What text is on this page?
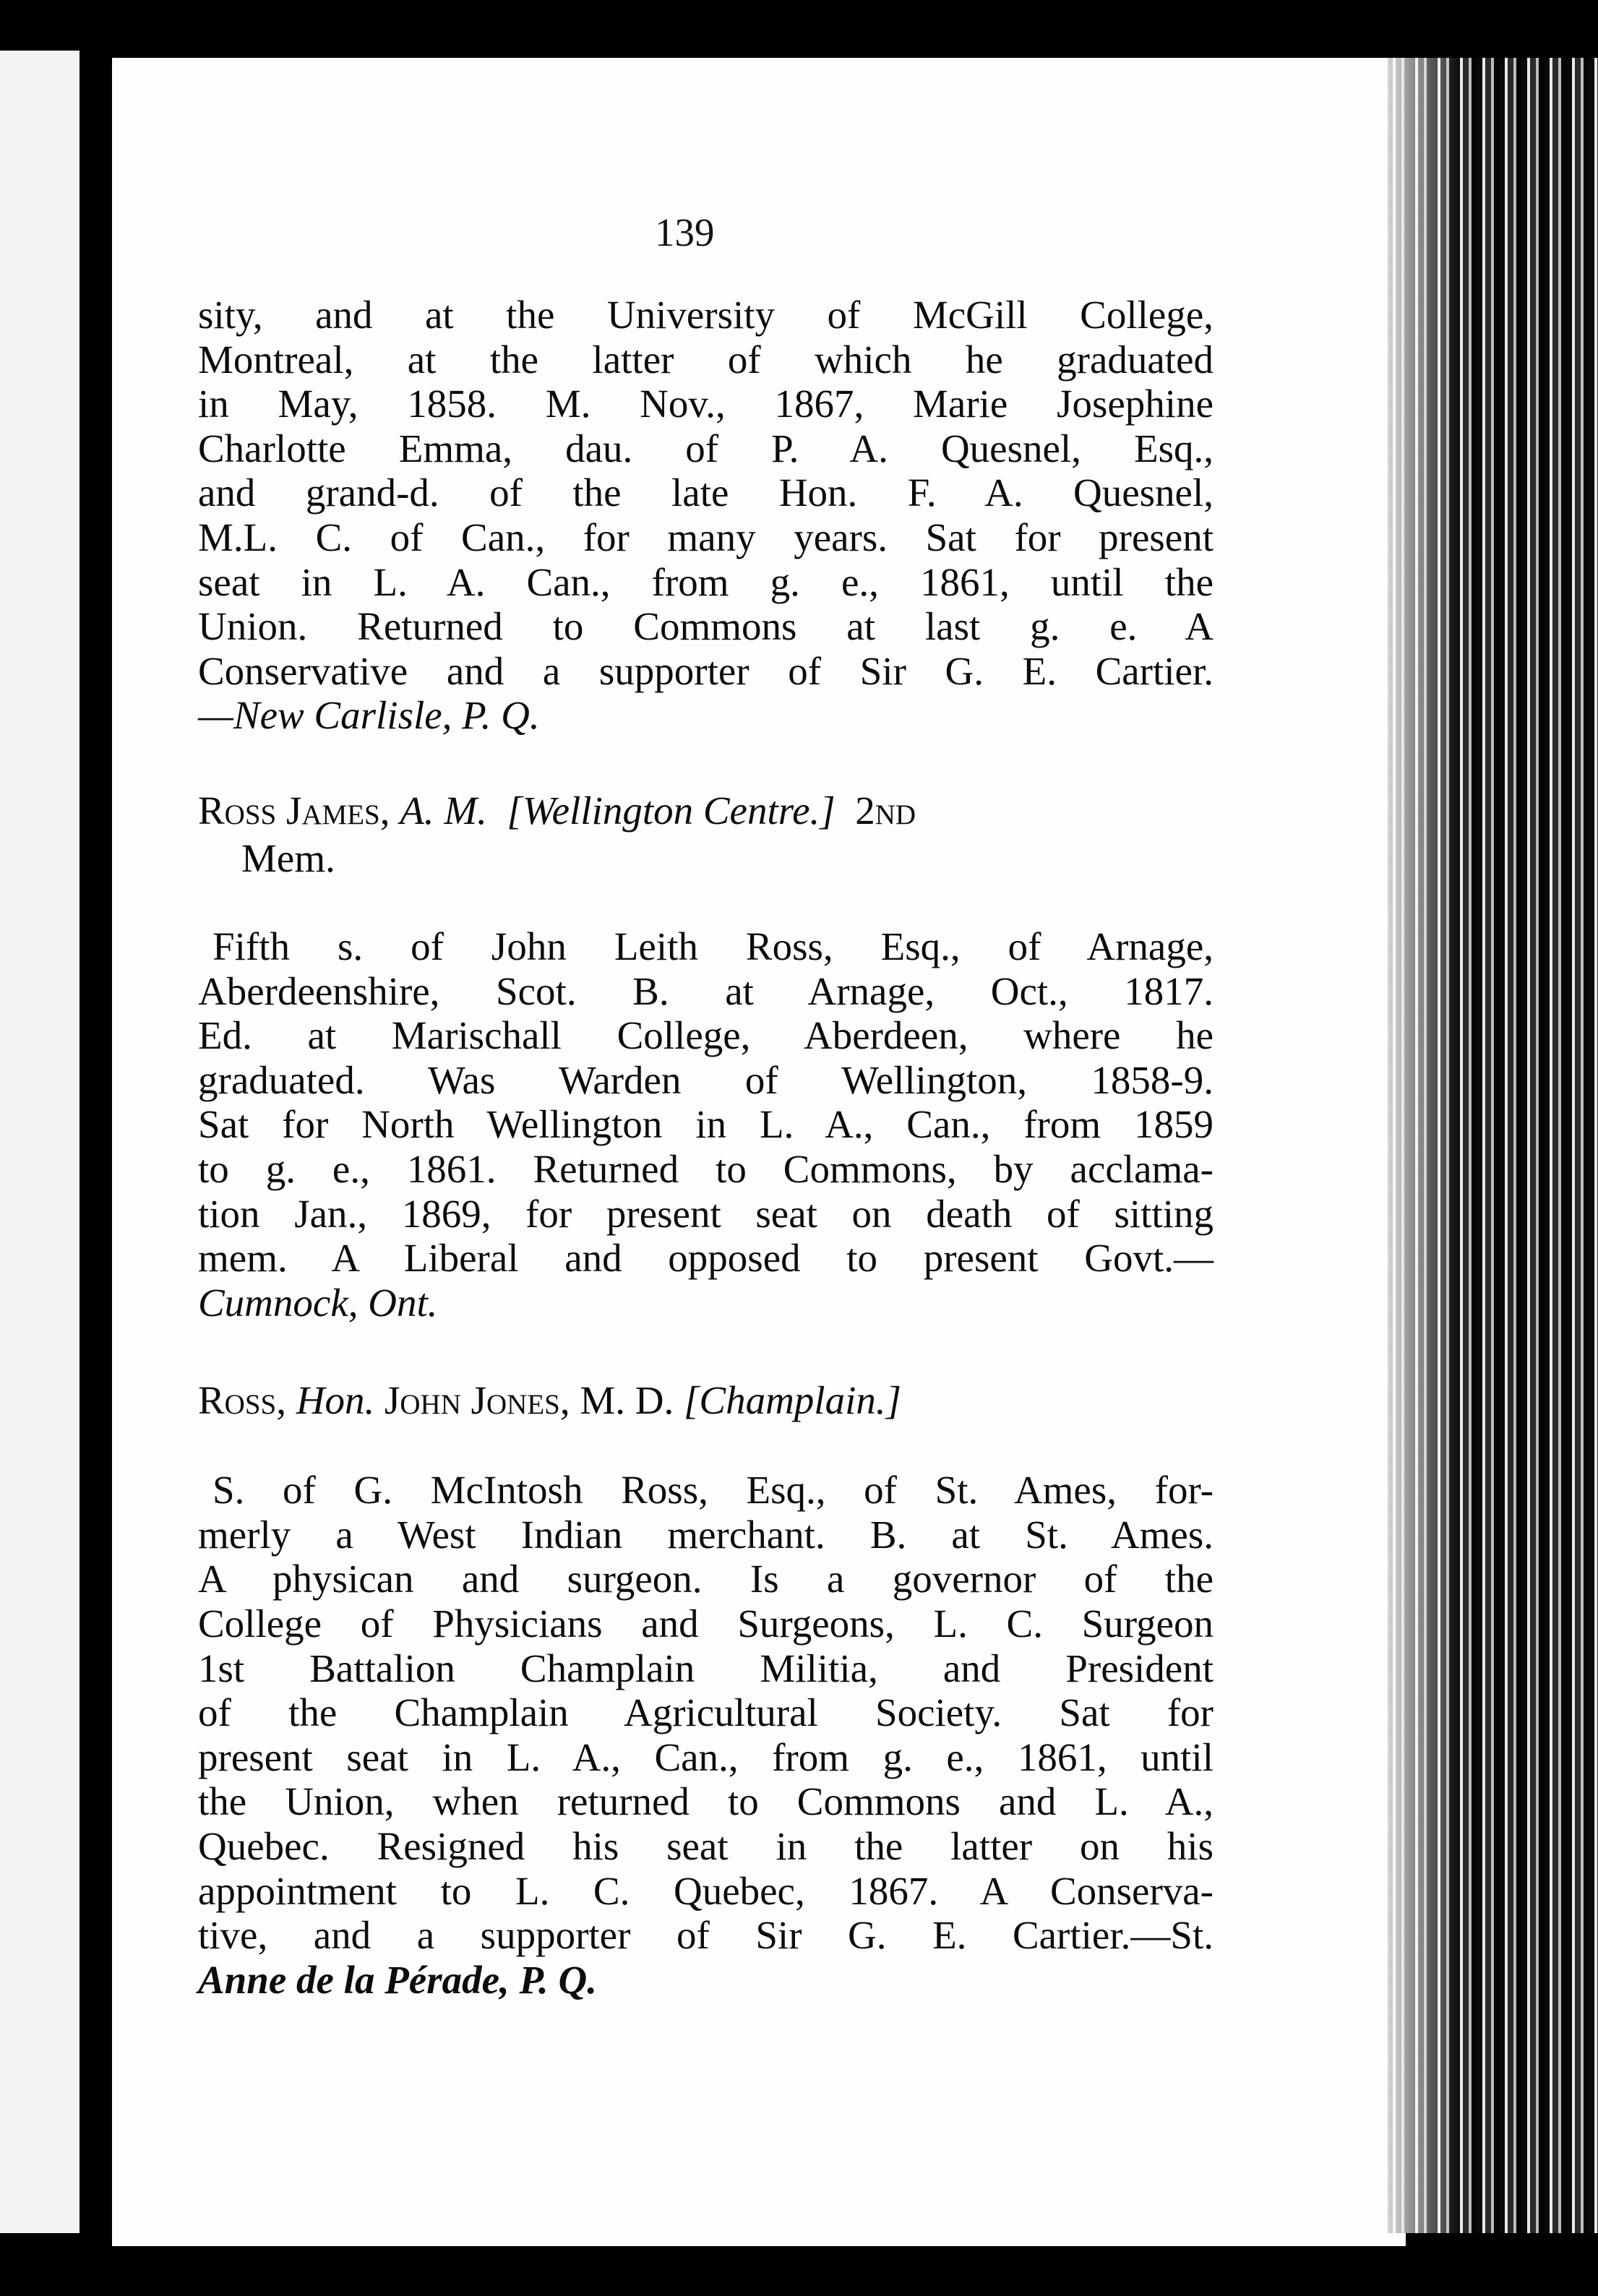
139
sity, and at the University of McGill College,
Montreal, at the latter of which he graduated
in May, 1858. M. Nov., 1867, Marie Josephine
Charlotte Emma, dau. of P. A. Quesnel, Esq.,
and grand-d. of the late Hon. F. A. Quesnel,
M.L. C. of Can., for many years. Sat for present
seat in L. A. Can., from g. e., 1861, until the
Union. Returned to Commons at last g. e. A
Conservative and a supporter of Sir G. E. Cartier.
—New Carlisle, P. Q.
Ross James, A. M. [Wellington Centre.] 2nd
Mem.
Fifth s. of John Leith Ross, Esq., of Arnage,
Aberdeenshire, Scot. B. at Arnage, Oct., 1817.
Ed. at Marischall College, Aberdeen, where he
graduated. Was Warden of Wellington, 1858-9.
Sat for North Wellington in L. A., Can., from 1859
to g. e., 1861. Returned to Commons, by acclama-
tion Jan., 1869, for present seat on death of sitting
mem. A Liberal and opposed to present Govt.—
Cumnock, Ont.
Ross, Hon. John Jones, M. D. [Champlain.]
S. of G. McIntosh Ross, Esq., of St. Ames, for-
merly a West Indian merchant. B. at St. Ames.
A physican and surgeon. Is a governor of the
College of Physicians and Surgeons, L. C. Surgeon
1st Battalion Champlain Militia, and President
of the Champlain Agricultural Society. Sat for
present seat in L. A., Can., from g. e., 1861, until
the Union, when returned to Commons and L. A.,
Quebec. Resigned his seat in the latter on his
appointment to L. C. Quebec, 1867. A Conserva-
tive, and a supporter of Sir G. E. Cartier.—St.
Anne de la Pérade, P. Q.
